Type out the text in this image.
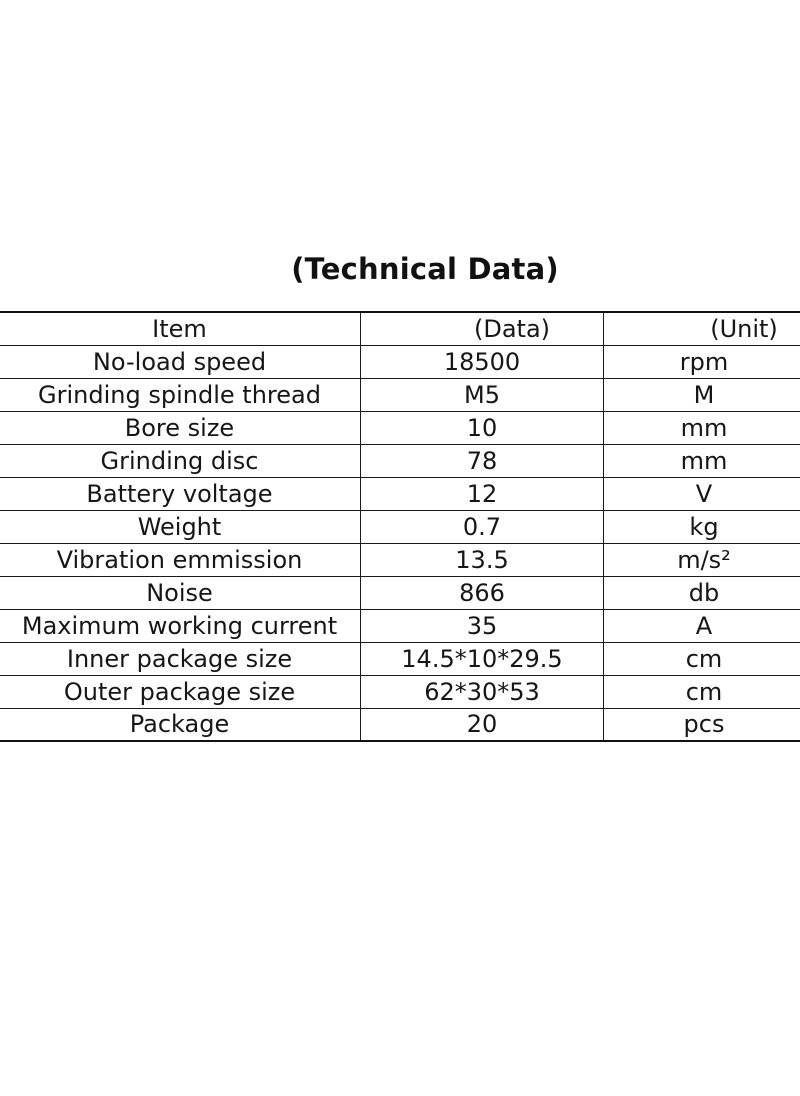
(Technical Data)
Item	(Data)	(Unit)
No-load speed	18500	rpm
Grinding spindle thread	M5	M
Bore size	10	mm
Grinding disc	78	mm
Battery voltage	12	V
Weight	0.7	kg
Vibration emmission	13.5	m/s²
Noise	866	db
Maximum working current	35	A
Inner package size	14.5*10*29.5	cm
Outer package size	62*30*53	cm
Package	20	pcs
